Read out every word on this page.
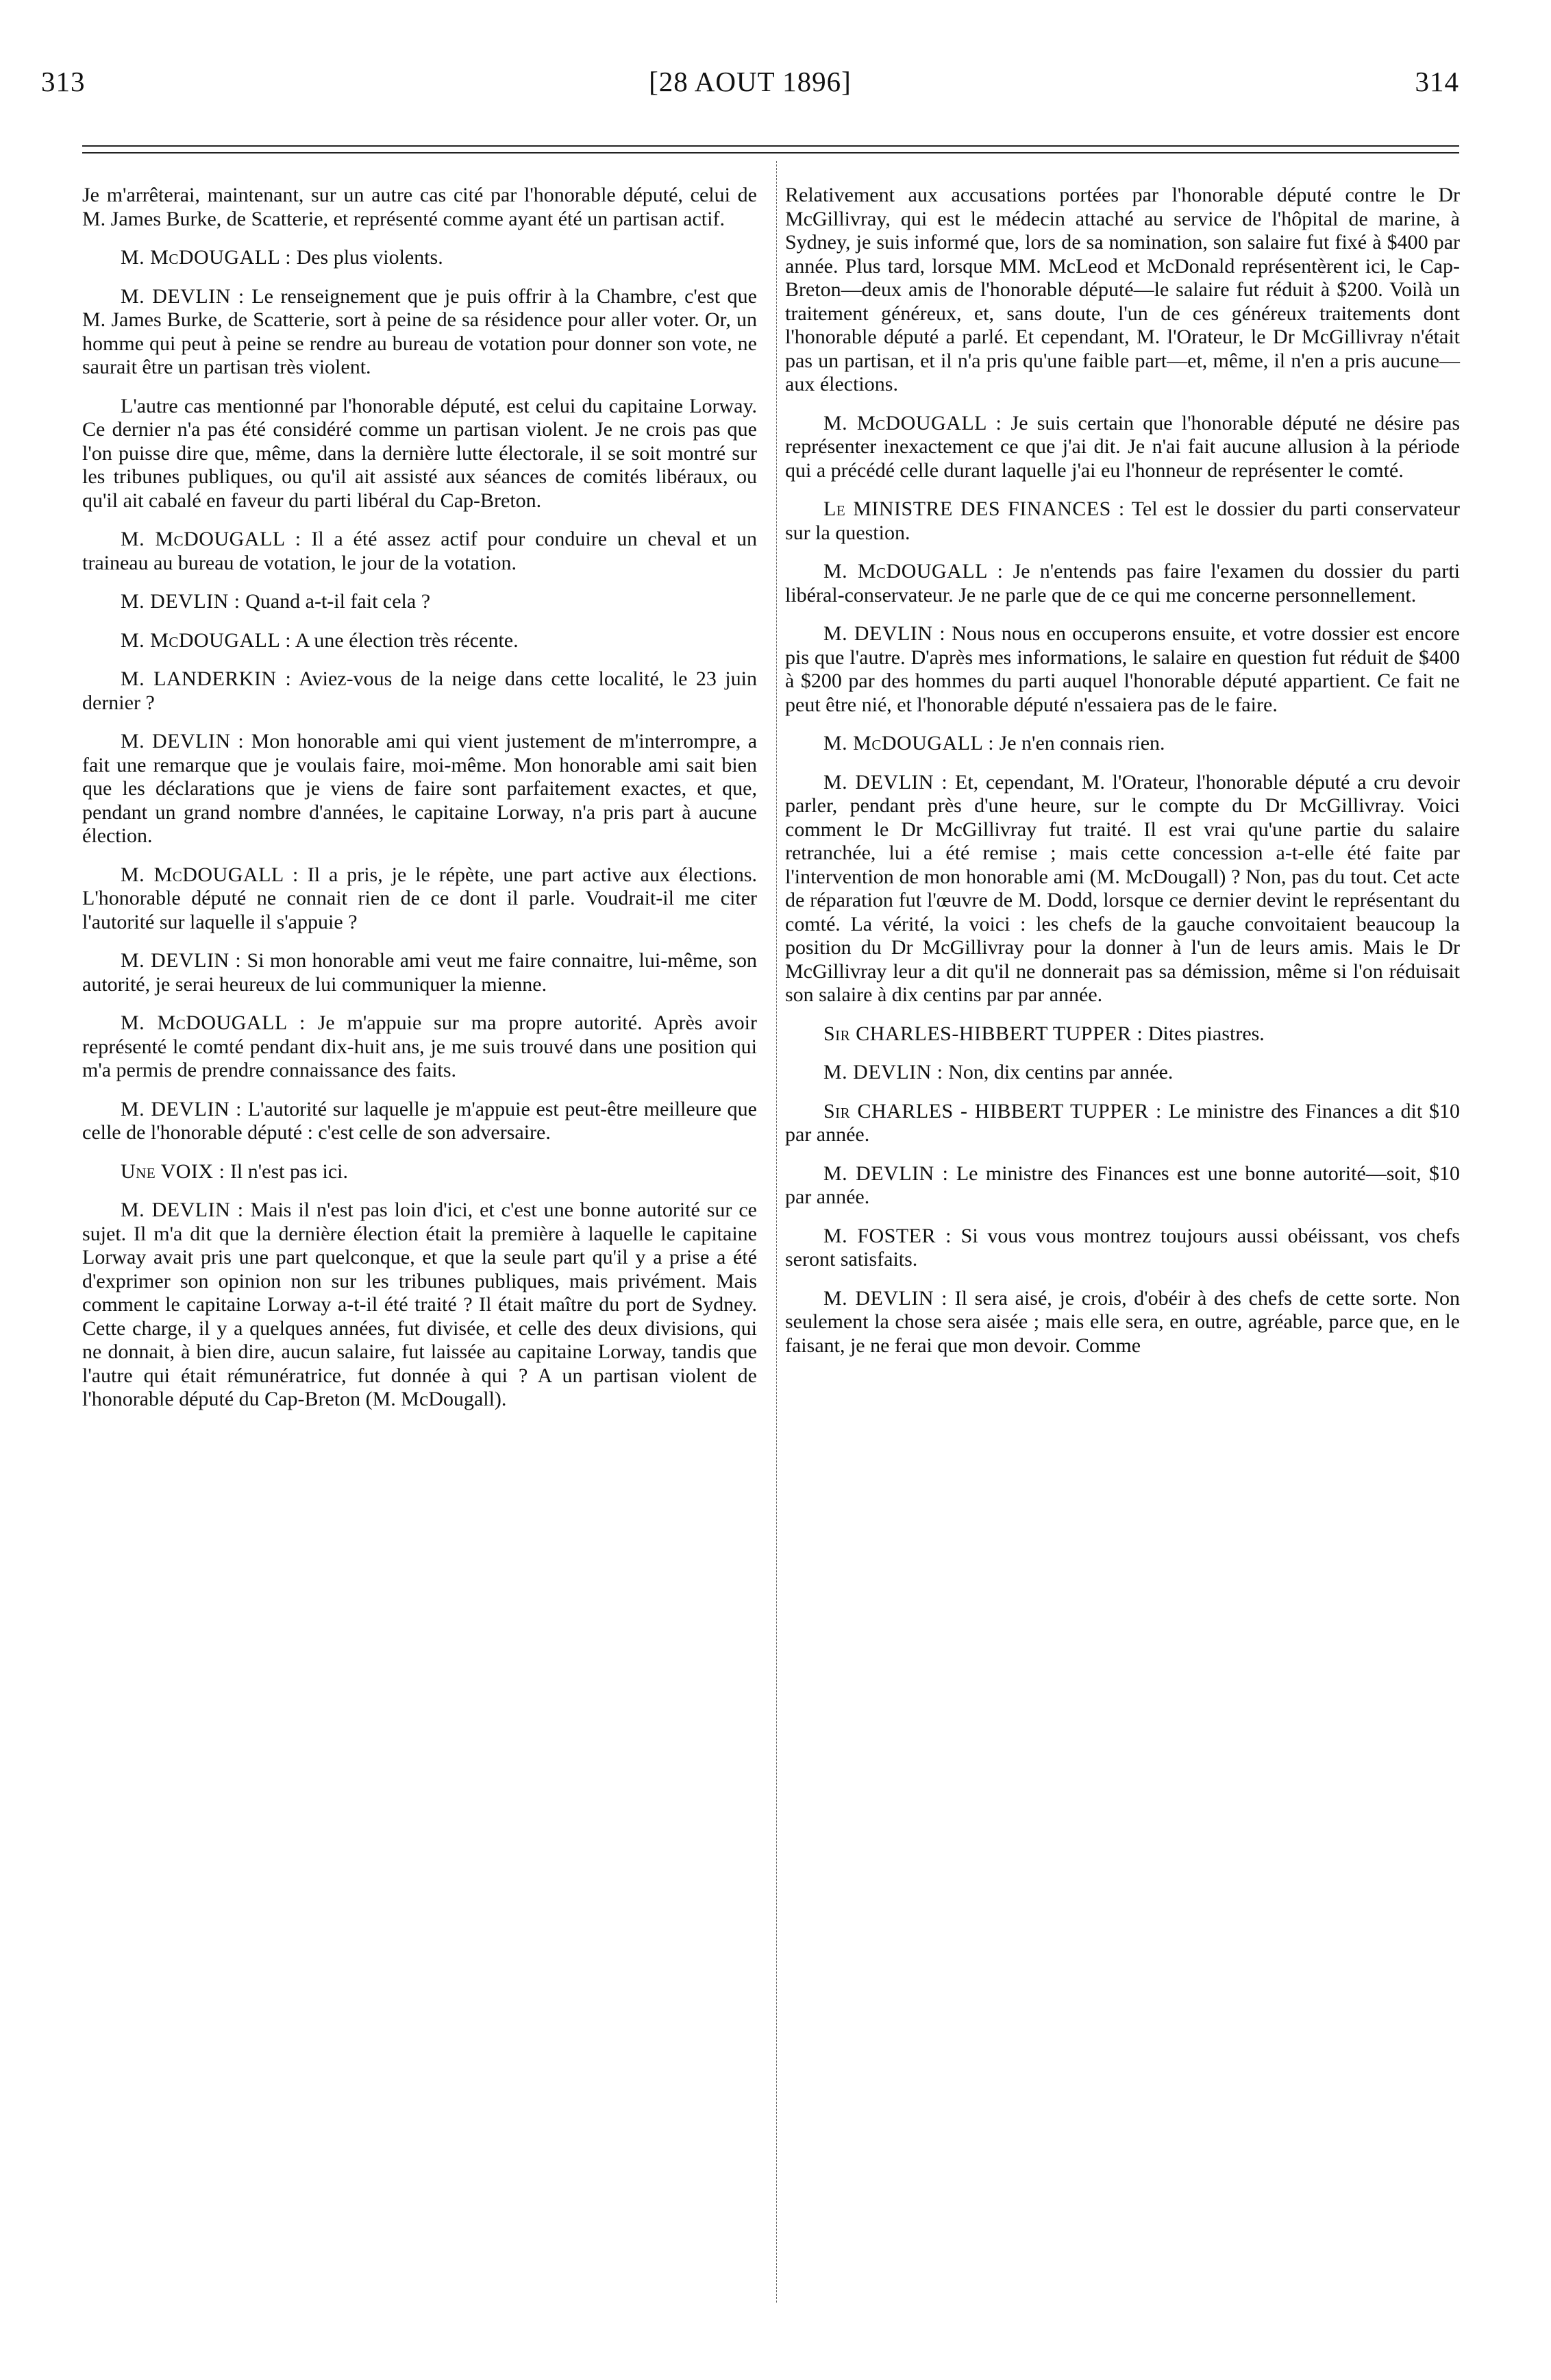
313	[28 AOUT 1896]	314

Je m'arrêterai, maintenant, sur un autre cas cité par l'honorable député, celui de M. James Burke, de Scatterie, et représenté comme ayant été un partisan actif.

M. McDOUGALL : Des plus violents.

M. DEVLIN : Le renseignement que je puis offrir à la Chambre, c'est que M. James Burke, de Scatterie, sort à peine de sa résidence pour aller voter. Or, un homme qui peut à peine se rendre au bureau de votation pour donner son vote, ne saurait être un partisan très violent.

L'autre cas mentionné par l'honorable député, est celui du capitaine Lorway. Ce dernier n'a pas été considéré comme un partisan violent. Je ne crois pas que l'on puisse dire que, même, dans la dernière lutte électorale, il se soit montré sur les tribunes publiques, ou qu'il ait assisté aux séances de comités libéraux, ou qu'il ait cabalé en faveur du parti libéral du Cap-Breton.

M. McDOUGALL : Il a été assez actif pour conduire un cheval et un traineau au bureau de votation, le jour de la votation.

M. DEVLIN : Quand a-t-il fait cela ?

M. McDOUGALL : A une élection très récente.

M. LANDERKIN : Aviez-vous de la neige dans cette localité, le 23 juin dernier ?

M. DEVLIN : Mon honorable ami qui vient justement de m'interrompre, a fait une remarque que je voulais faire, moi-même. Mon honorable ami sait bien que les déclarations que je viens de faire sont parfaitement exactes, et que, pendant un grand nombre d'années, le capitaine Lorway, n'a pris part à aucune élection.

M. McDOUGALL : Il a pris, je le répète, une part active aux élections. L'honorable député ne connait rien de ce dont il parle. Voudrait-il me citer l'autorité sur laquelle il s'appuie ?

M. DEVLIN : Si mon honorable ami veut me faire connaitre, lui-même, son autorité, je serai heureux de lui communiquer la mienne.

M. McDOUGALL : Je m'appuie sur ma propre autorité. Après avoir représenté le comté pendant dix-huit ans, je me suis trouvé dans une position qui m'a permis de prendre connaissance des faits.

M. DEVLIN : L'autorité sur laquelle je m'appuie est peut-être meilleure que celle de l'honorable député : c'est celle de son adversaire.

Une VOIX : Il n'est pas ici.

M. DEVLIN : Mais il n'est pas loin d'ici, et c'est une bonne autorité sur ce sujet. Il m'a dit que la dernière élection était la première à laquelle le capitaine Lorway avait pris une part quelconque, et que la seule part qu'il y a prise a été d'exprimer son opinion non sur les tribunes publiques, mais privément. Mais comment le capitaine Lorway a-t-il été traité ? Il était maître du port de Sydney. Cette charge, il y a quelques années, fut divisée, et celle des deux divisions, qui ne donnait, à bien dire, aucun salaire, fut laissée au capitaine Lorway, tandis que l'autre qui était rémunératrice, fut donnée à qui ? A un partisan violent de l'honorable député du Cap-Breton (M. McDougall).

Relativement aux accusations portées par l'honorable député contre le Dr McGillivray, qui est le médecin attaché au service de l'hôpital de marine, à Sydney, je suis informé que, lors de sa nomination, son salaire fut fixé à $400 par année. Plus tard, lorsque MM. McLeod et McDonald représentèrent ici, le Cap-Breton—deux amis de l'honorable député—le salaire fut réduit à $200. Voilà un traitement généreux, et, sans doute, l'un de ces généreux traitements dont l'honorable député a parlé. Et cependant, M. l'Orateur, le Dr McGillivray n'était pas un partisan, et il n'a pris qu'une faible part—et, même, il n'en a pris aucune—aux élections.

M. McDOUGALL : Je suis certain que l'honorable député ne désire pas représenter inexactement ce que j'ai dit. Je n'ai fait aucune allusion à la période qui a précédé celle durant laquelle j'ai eu l'honneur de représenter le comté.

Le MINISTRE DES FINANCES : Tel est le dossier du parti conservateur sur la question.

M. McDOUGALL : Je n'entends pas faire l'examen du dossier du parti libéral-conservateur. Je ne parle que de ce qui me concerne personnellement.

M. DEVLIN : Nous nous en occuperons ensuite, et votre dossier est encore pis que l'autre. D'après mes informations, le salaire en question fut réduit de $400 à $200 par des hommes du parti auquel l'honorable député appartient. Ce fait ne peut être nié, et l'honorable député n'essaiera pas de le faire.

M. McDOUGALL : Je n'en connais rien.

M. DEVLIN : Et, cependant, M. l'Orateur, l'honorable député a cru devoir parler, pendant près d'une heure, sur le compte du Dr McGillivray. Voici comment le Dr McGillivray fut traité. Il est vrai qu'une partie du salaire retranchée, lui a été remise ; mais cette concession a-t-elle été faite par l'intervention de mon honorable ami (M. McDougall) ? Non, pas du tout. Cet acte de réparation fut l'œuvre de M. Dodd, lorsque ce dernier devint le représentant du comté. La vérité, la voici : les chefs de la gauche convoitaient beaucoup la position du Dr McGillivray pour la donner à l'un de leurs amis. Mais le Dr McGillivray leur a dit qu'il ne donnerait pas sa démission, même si l'on réduisait son salaire à dix centins par par année.

Sir CHARLES-HIBBERT TUPPER : Dites piastres.

M. DEVLIN : Non, dix centins par année.

Sir CHARLES - HIBBERT TUPPER : Le ministre des Finances a dit $10 par année.

M. DEVLIN : Le ministre des Finances est une bonne autorité—soit, $10 par année.

M. FOSTER : Si vous vous montrez toujours aussi obéissant, vos chefs seront satisfaits.

M. DEVLIN : Il sera aisé, je crois, d'obéir à des chefs de cette sorte. Non seulement la chose sera aisée ; mais elle sera, en outre, agréable, parce que, en le faisant, je ne ferai que mon devoir. Comme
